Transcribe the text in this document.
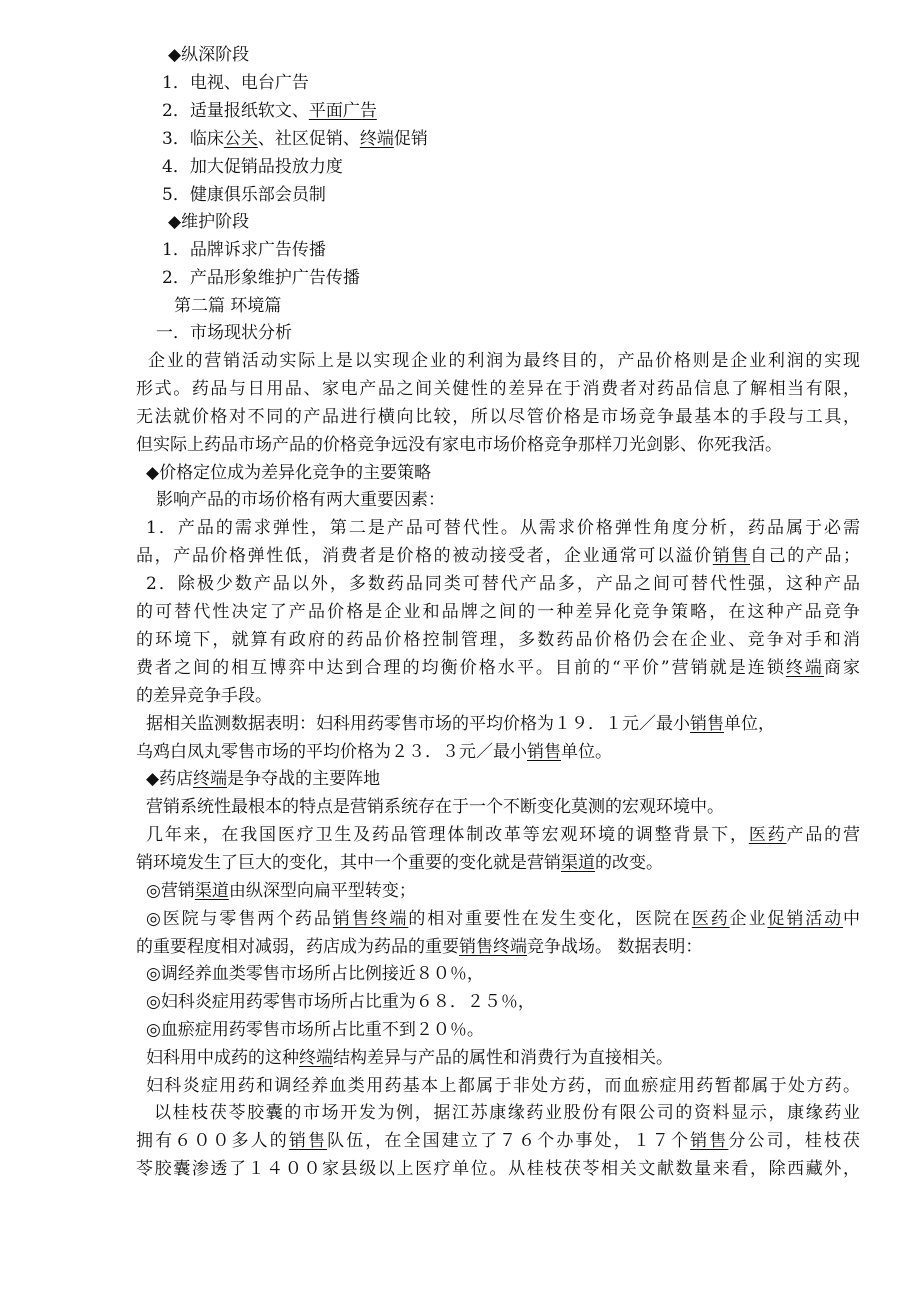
◆纵深阶段
1．电视、电台广告
2．适量报纸软文、平面广告
3．临床公关、社区促销、终端促销
4．加大促销品投放力度
5．健康俱乐部会员制
◆维护阶段
1．品牌诉求广告传播
2．产品形象维护广告传播
第二篇 环境篇
一．市场现状分析
企业的营销活动实际上是以实现企业的利润为最终目的，产品价格则是企业利润的实现
形式。药品与日用品、家电产品之间关健性的差异在于消费者对药品信息了解相当有限，
无法就价格对不同的产品进行横向比较，所以尽管价格是市场竞争最基本的手段与工具，
但实际上药品市场产品的价格竞争远没有家电市场价格竞争那样刀光剑影、你死我活。
◆价格定位成为差异化竞争的主要策略
影响产品的市场价格有两大重要因素：
1．产品的需求弹性，第二是产品可替代性。从需求价格弹性角度分析，药品属于必需
品，产品价格弹性低，消费者是价格的被动接受者，企业通常可以溢价销售自己的产品；
2．除极少数产品以外，多数药品同类可替代产品多，产品之间可替代性强，这种产品
的可替代性决定了产品价格是企业和品牌之间的一种差异化竞争策略，在这种产品竞争
的环境下，就算有政府的药品价格控制管理，多数药品价格仍会在企业、竞争对手和消
费者之间的相互博弈中达到合理的均衡价格水平。目前的“平价”营销就是连锁终端商家
的差异竞争手段。
据相关监测数据表明：妇科用药零售市场的平均价格为１９．１元／最小销售单位，
乌鸡白凤丸零售市场的平均价格为２３．３元／最小销售单位。
◆药店终端是争夺战的主要阵地
营销系统性最根本的特点是营销系统存在于一个不断变化莫测的宏观环境中。
几年来，在我国医疗卫生及药品管理体制改革等宏观环境的调整背景下，医药产品的营
销环境发生了巨大的变化，其中一个重要的变化就是营销渠道的改变。
◎营销渠道由纵深型向扁平型转变；
◎医院与零售两个药品销售终端的相对重要性在发生变化，医院在医药企业促销活动中
的重要程度相对减弱，药店成为药品的重要销售终端竞争战场。 数据表明：
◎调经养血类零售市场所占比例接近８０％，
◎妇科炎症用药零售市场所占比重为６８．２５％，
◎血瘀症用药零售市场所占比重不到２０％。
妇科用中成药的这种终端结构差异与产品的属性和消费行为直接相关。
妇科炎症用药和调经养血类用药基本上都属于非处方药，而血瘀症用药暂都属于处方药。
以桂枝茯苓胶囊的市场开发为例，据江苏康缘药业股份有限公司的资料显示，康缘药业
拥有６００多人的销售队伍，在全国建立了７６个办事处，１７个销售分公司，桂枝茯
苓胶囊渗透了１４００家县级以上医疗单位。从桂枝茯苓相关文献数量来看，除西藏外，
